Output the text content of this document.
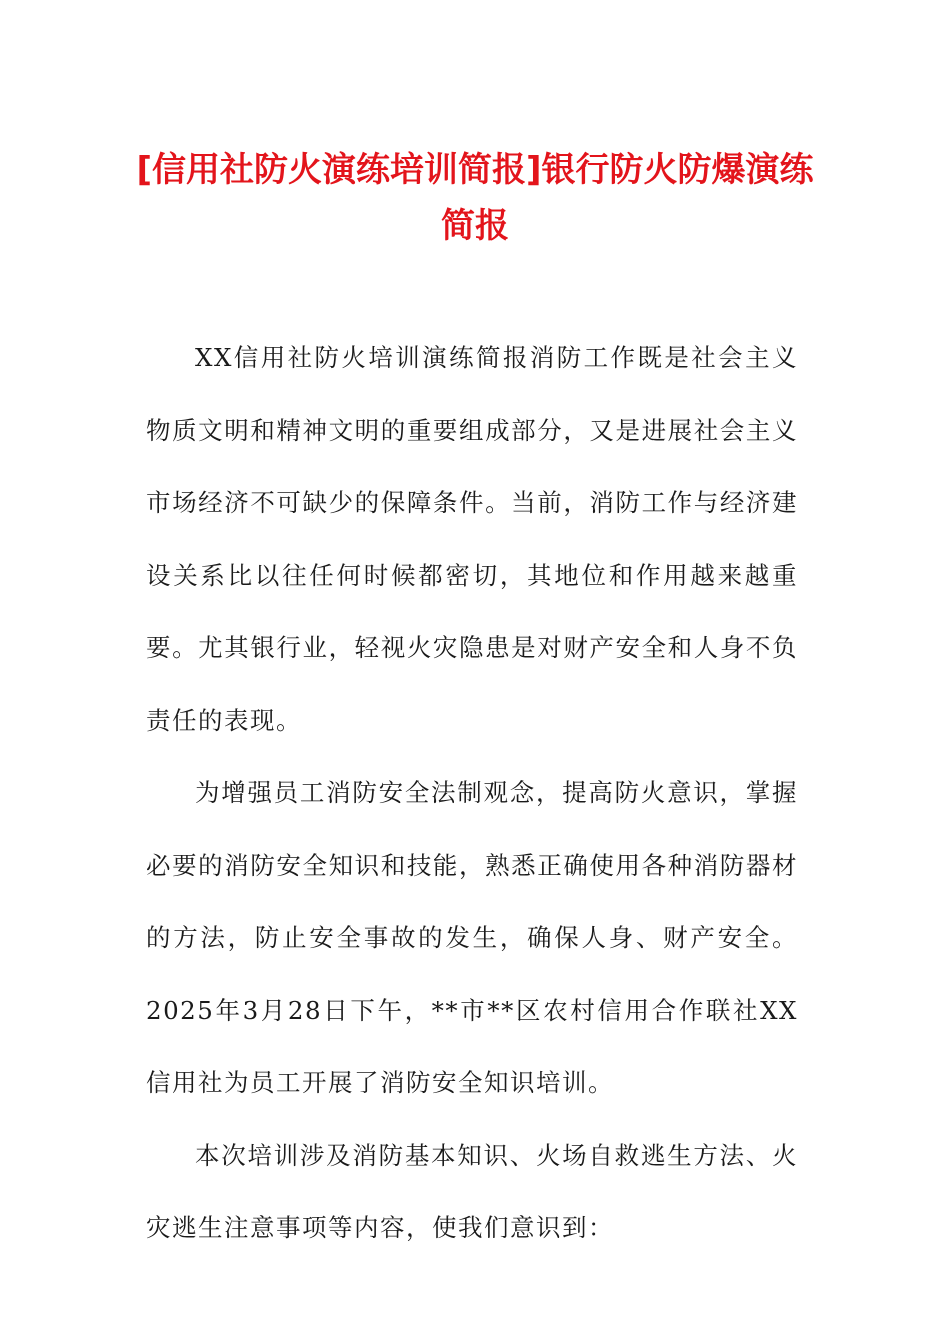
[信用社防火演练培训简报]银行防火防爆演练简报

XX信用社防火培训演练简报消防工作既是社会主义物质文明和精神文明的重要组成部分，又是进展社会主义市场经济不可缺少的保障条件。当前，消防工作与经济建设关系比以往任何时候都密切，其地位和作用越来越重要。尤其银行业，轻视火灾隐患是对财产安全和人身不负责任的表现。

为增强员工消防安全法制观念，提高防火意识，掌握必要的消防安全知识和技能，熟悉正确使用各种消防器材的方法，防止安全事故的发生，确保人身、财产安全。2025年3月28日下午，**市**区农村信用合作联社XX信用社为员工开展了消防安全知识培训。

本次培训涉及消防基本知识、火场自救逃生方法、火灾逃生注意事项等内容，使我们意识到：
